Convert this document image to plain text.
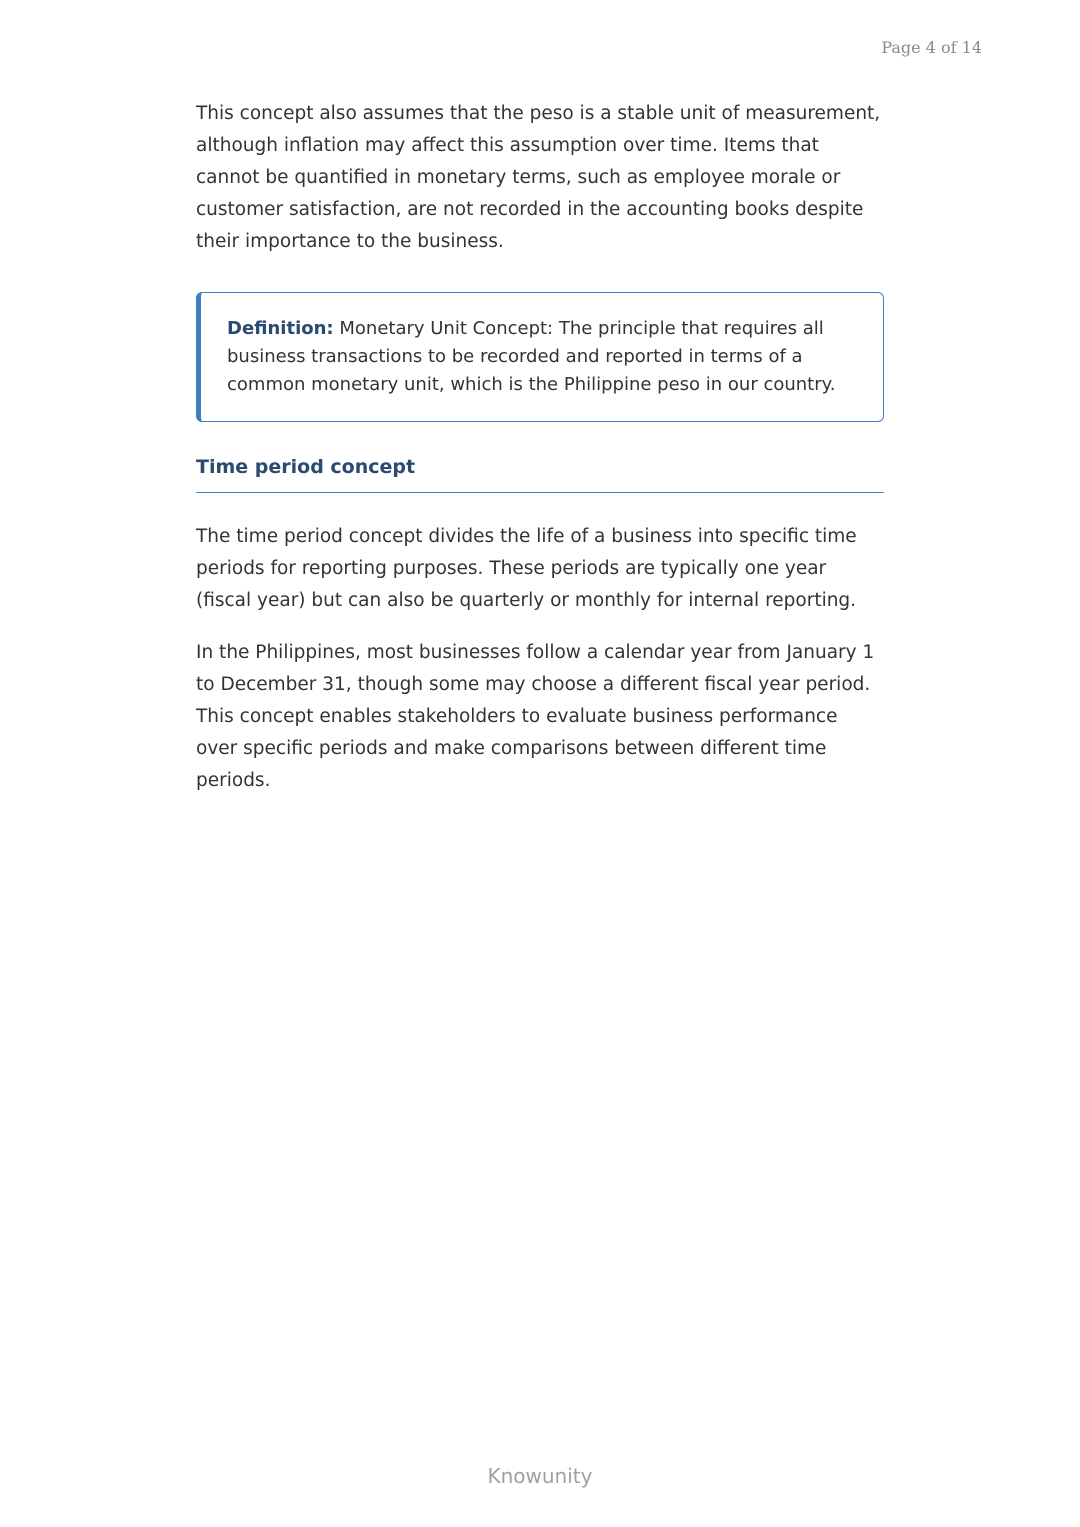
Page 4 of 14

This concept also assumes that the peso is a stable unit of measurement, although inflation may affect this assumption over time. Items that cannot be quantified in monetary terms, such as employee morale or customer satisfaction, are not recorded in the accounting books despite their importance to the business.

Definition: Monetary Unit Concept: The principle that requires all business transactions to be recorded and reported in terms of a common monetary unit, which is the Philippine peso in our country.

Time period concept

The time period concept divides the life of a business into specific time periods for reporting purposes. These periods are typically one year (fiscal year) but can also be quarterly or monthly for internal reporting.

In the Philippines, most businesses follow a calendar year from January 1 to December 31, though some may choose a different fiscal year period. This concept enables stakeholders to evaluate business performance over specific periods and make comparisons between different time periods.

Knowunity
